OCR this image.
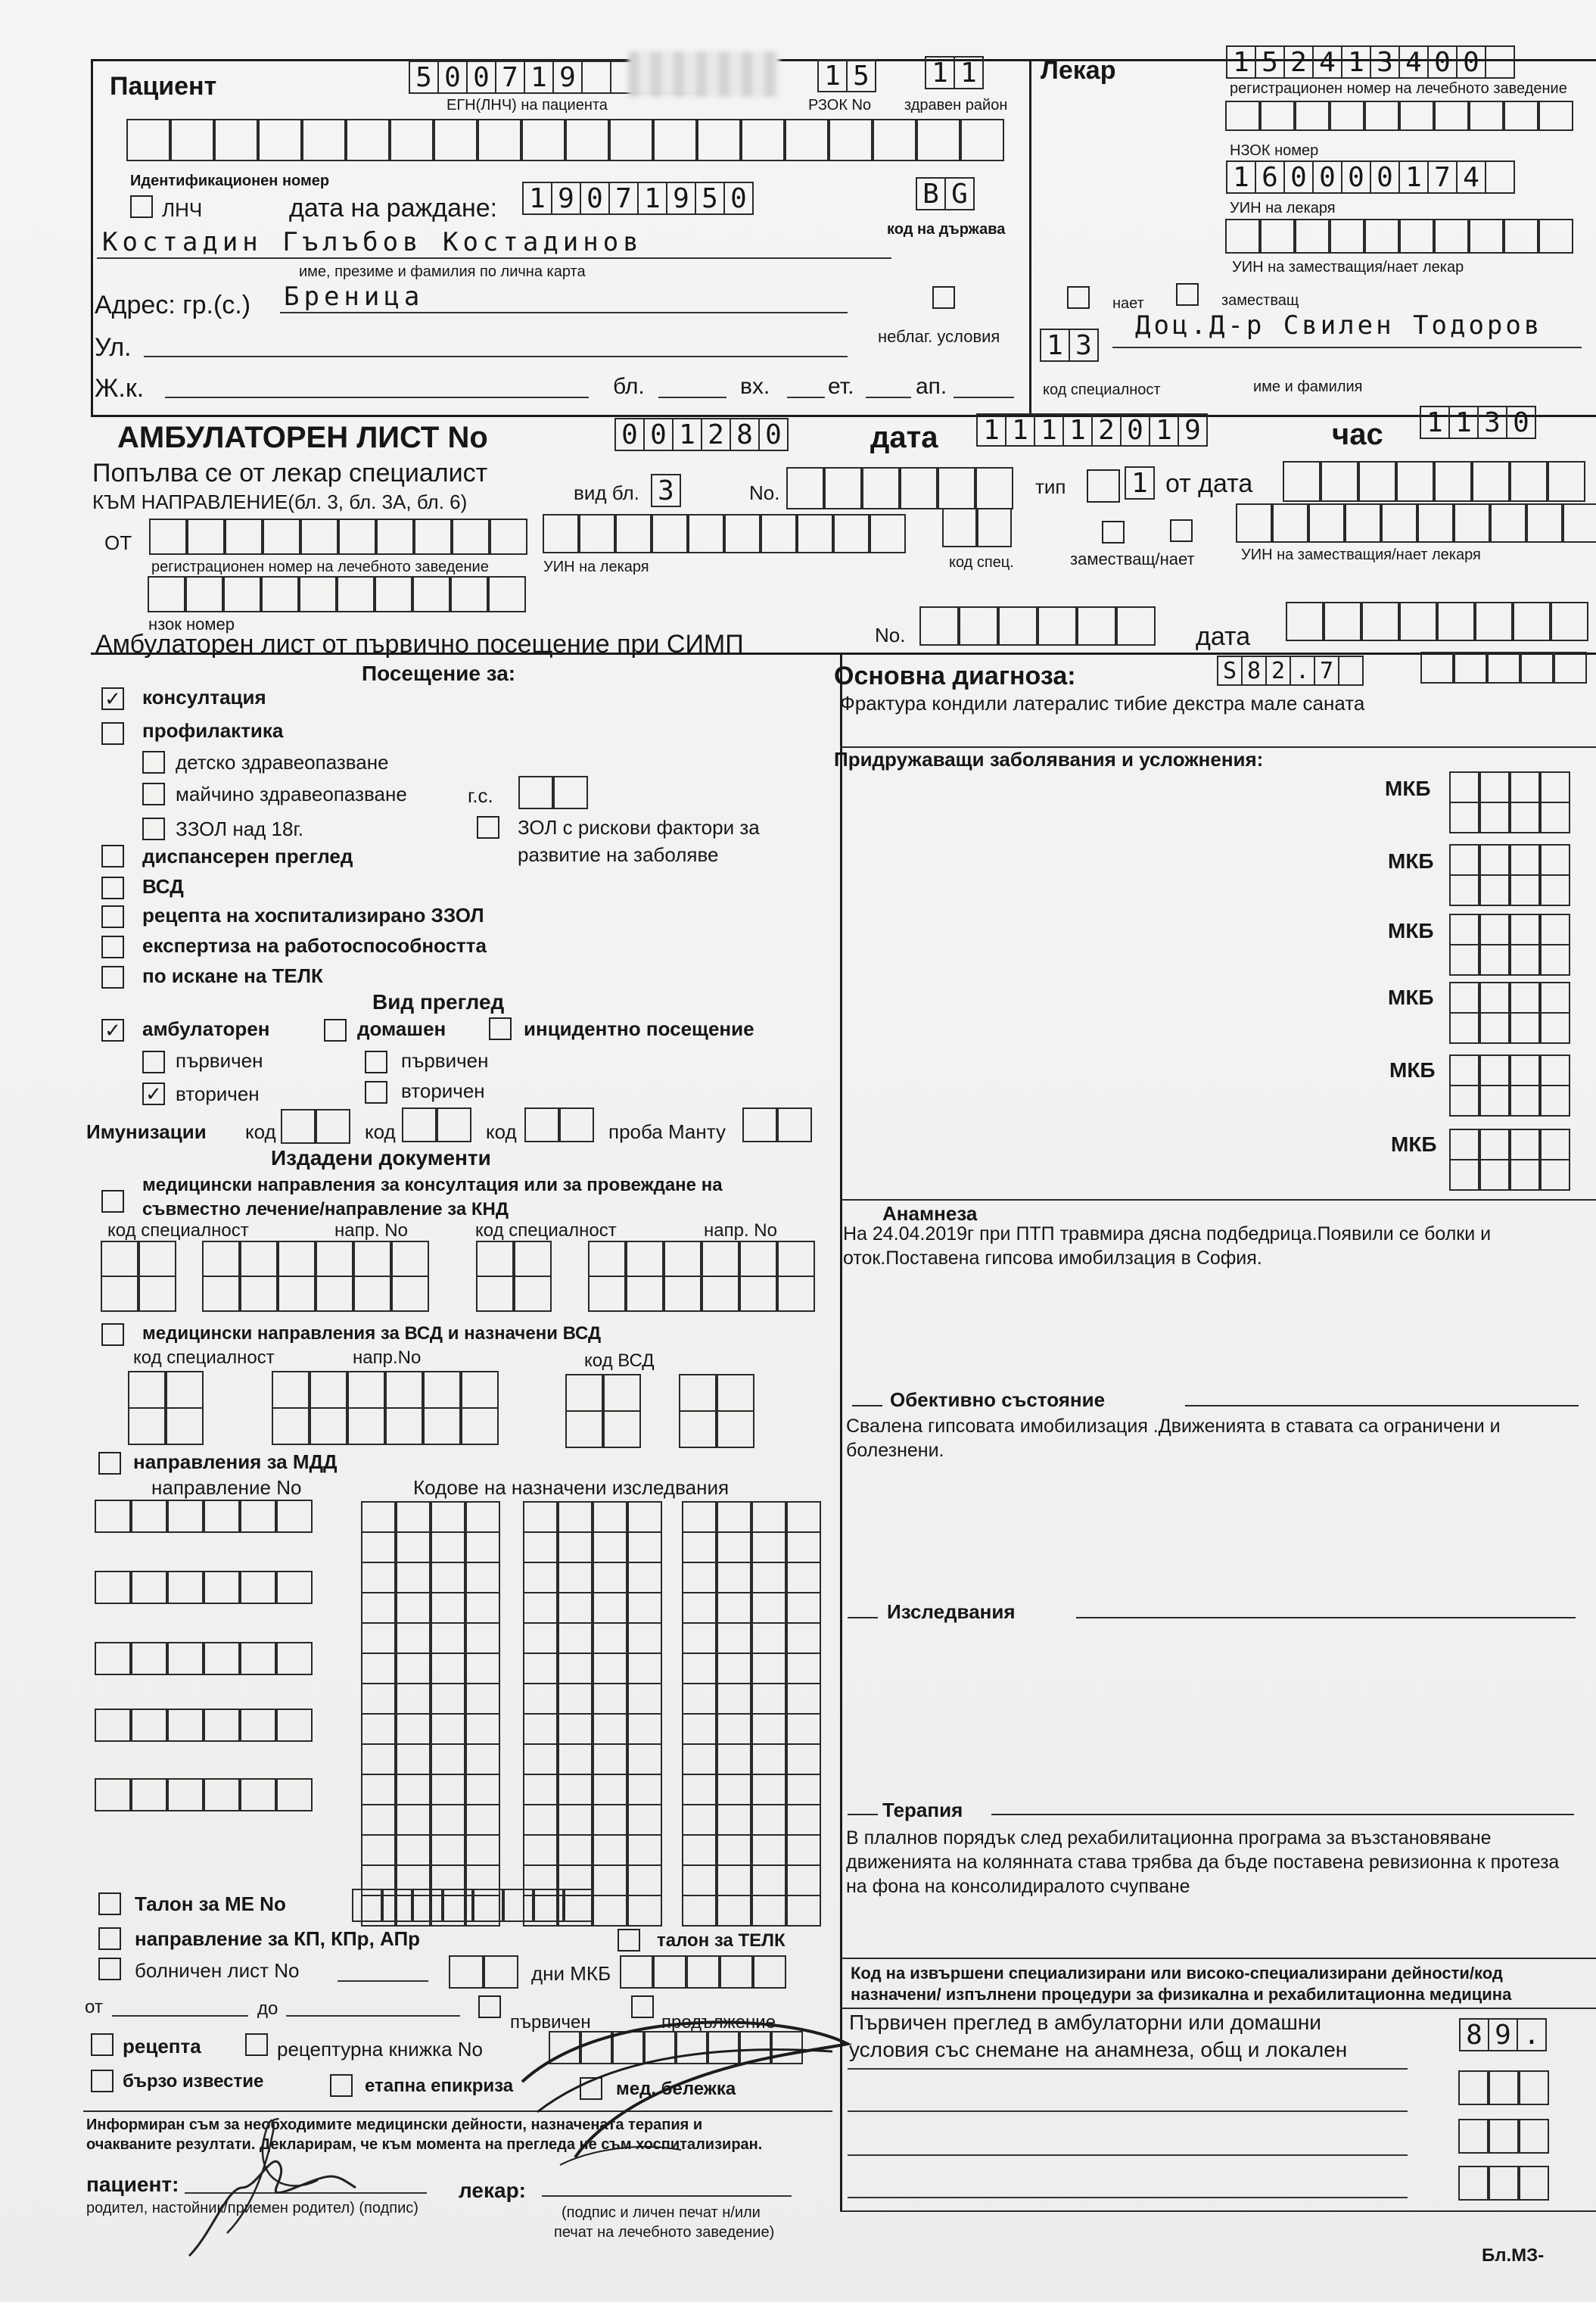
Пациент	5 0 0 7 1 9
ЕГН(ЛНЧ) на пациента
1 5
РЗОК No
1 1
здравен район
Идентификационен номер
ЛНЧ	дата на раждане: 1 9 0 7 1 9 5 0	B G
код на държава
Костадин Гълъбов Костадинов
име, презиме и фамилия по лична карта
Адрес: гр.(с.) Бреница
неблаг. условия
Ул.
Ж.к.	бл.	вх.	ет.	ап.
Лекар	1 5 2 4 1 3 4 0 0
регистрационен номер на лечебното заведение
НЗОК номер
1 6 0 0 0 0 1 7 4
УИН на лекаря
УИН на заместващия/нает лекар
нает	заместващ
1 3
Доц.Д-р Свилен Тодоров
код специалност	име и фамилия
АМБУЛАТОРЕН ЛИСТ No	0 0 1 2 8 0	дата 1 1 1 1 2 0 1 9	час 1 1 3 0
Попълва се от лекар специалист
КЪМ НАПРАВЛЕНИЕ(бл. 3, бл. 3А, бл. 6)	вид бл. 3	No.	тип 1 от дата
ОТ
регистрационен номер на лечебното заведение	УИН на лекаря	код спец.	заместващ/нает	УИН на заместващия/нает лекаря
нзок номер
Амбулаторен лист от първично посещение при СИМП	No.	дата
Посещение за:
✓ консултация
профилактика
детско здравеопазване
майчино здравеопазване	г.с.
ЗЗОЛ над 18г.	ЗОЛ с рискови фактори за
развитие на заболяве
диспансерен преглед
ВСД
рецепта на хоспитализирано ЗЗОЛ
експертиза на работоспособността
по искане на ТЕЛК
Вид преглед
✓ амбулаторен	домашен	инцидентно посещение
първичен	първичен
✓ вторичен	вторичен
Имунизации код	код	код	проба Манту
Издадени документи
медицински направления за консултация или за провеждане на
съвместно лечение/направление за КНД
код специалност	напр. No	код специалност	напр. No
медицински направления за ВСД и назначени ВСД
код специалност	напр.No	код ВСД
направления за МДД
направление No	Кодове на назначени изследвания
Талон за МЕ No
направление за КП, КПр, АПр	талон за ТЕЛК
болничен лист No	дни МКБ
от	до
първичен	продължение
рецепта	рецептурна книжка No
бързо известие	етапна епикриза	мед. бележка
Информиран съм за необходимите медицински дейности, назначената терапия и
очакваните резултати. Декларирам, че към момента на прегледа не съм хоспитализиран.
пациент:
родител, настойник/приемен родител) (подпис)
лекар:
(подпис и личен печат н/или
печат на лечебното заведение)
Основна диагноза:	S 8 2 . 7
Фрактура кондили латералис тибие декстра мале саната
Придружаващи заболявания и усложнения:
МКБ
МКБ
МКБ
МКБ
МКБ
МКБ
Анамнеза
На 24.04.2019г при ПТП травмира дясна подбедрица.Появили се болки и оток.Поставена гипсова имобилзация в София.
Обективно състояние
Свалена гипсовата имобилизация .Движенията в ставата са ограничени и болезнени.
Изследвания
Терапия
В плалнов порядък след рехабилитационна програма за възстановяване движенията на колянната става трябва да бъде поставена ревизионна к протеза на фона на консолидиралото счупване
Код на извършени специализирани или високо-специализирани дейности/код
назначени/ изпълнени процедури за физикална и рехабилитационна медицина
Първичен преглед в амбулаторни или домашни условия със снемане на анамнеза, общ и локален	8 9 .
Бл.МЗ-
